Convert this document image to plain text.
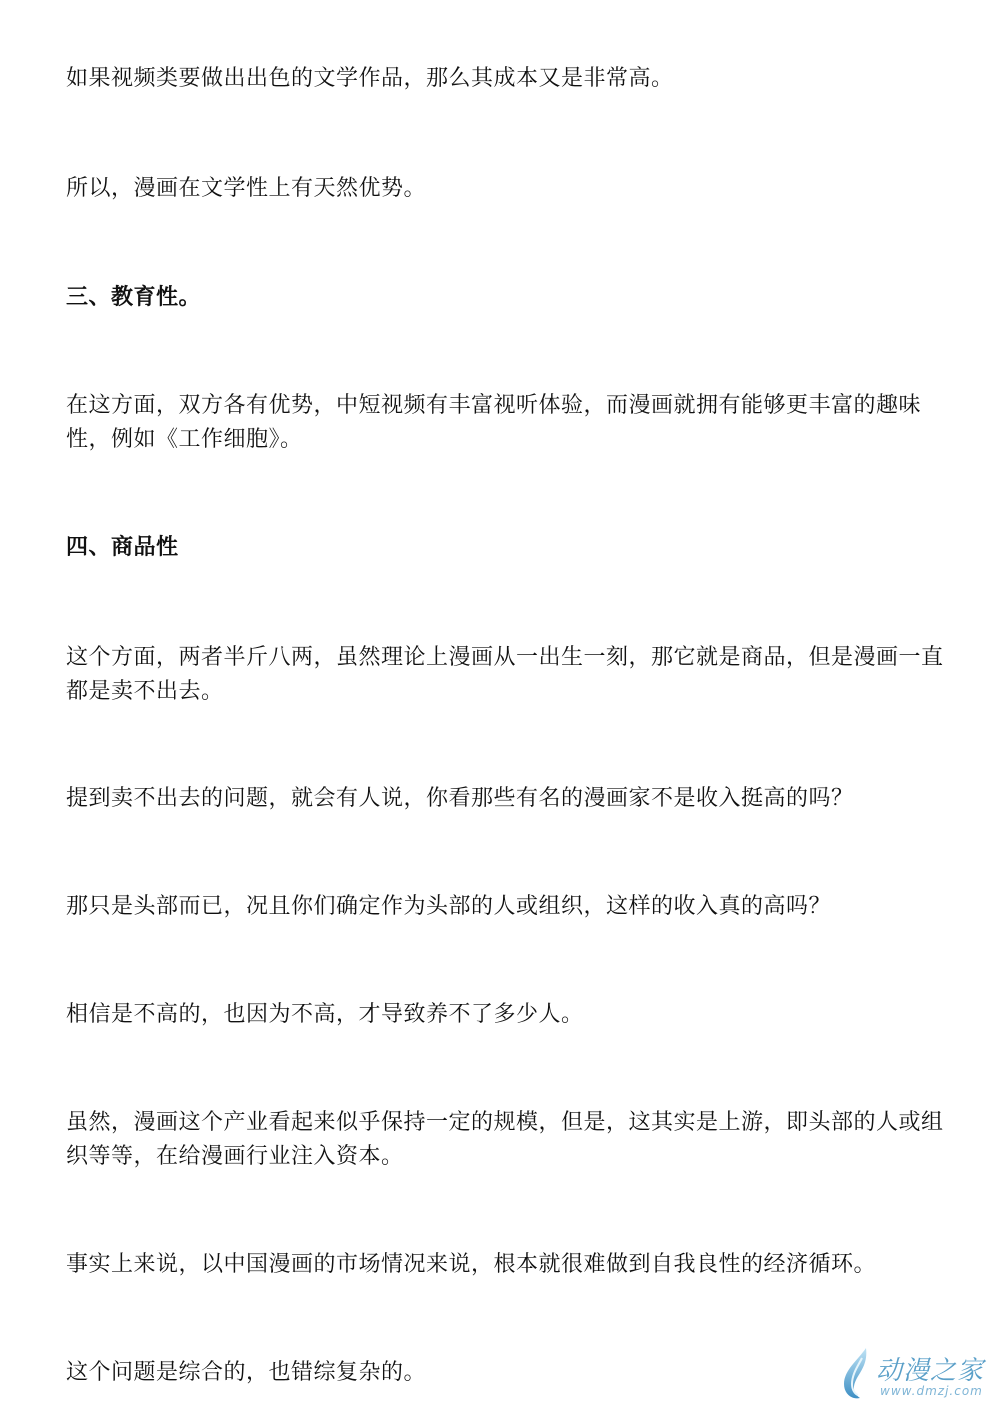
如果视频类要做出出色的文学作品，那么其成本又是非常高。

所以，漫画在文学性上有天然优势。

三、教育性。

在这方面，双方各有优势，中短视频有丰富视听体验，而漫画就拥有能够更丰富的趣味性，例如《工作细胞》。

四、商品性

这个方面，两者半斤八两，虽然理论上漫画从一出生一刻，那它就是商品，但是漫画一直都是卖不出去。

提到卖不出去的问题，就会有人说，你看那些有名的漫画家不是收入挺高的吗？

那只是头部而已，况且你们确定作为头部的人或组织，这样的收入真的高吗？

相信是不高的，也因为不高，才导致养不了多少人。

虽然，漫画这个产业看起来似乎保持一定的规模，但是，这其实是上游，即头部的人或组织等等，在给漫画行业注入资本。

事实上来说，以中国漫画的市场情况来说，根本就很难做到自我良性的经济循环。

这个问题是综合的，也错综复杂的。	动漫之家
www.dmzj.com
